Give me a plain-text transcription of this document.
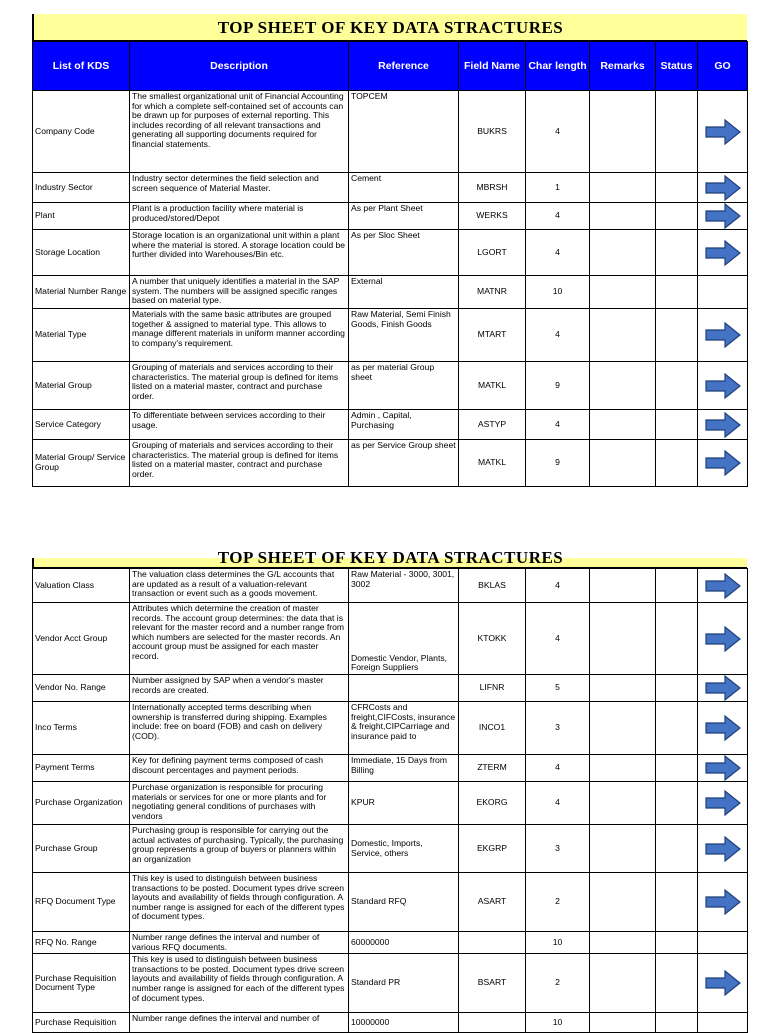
TOP SHEET OF KEY DATA STRACTURES
List of KDS	Description	Reference	Field Name	Char length	Remarks	Status	GO
Company Code	The smallest organizational unit of Financial Accounting for which a complete self-contained set of accounts can be drawn up for purposes of external reporting. This includes recording of all relevant transactions and generating all supporting documents required for financial statements.	TOPCEM	BUKRS	4			

Industry Sector	Industry sector determines the field selection and screen sequence of Material Master.	Cement	MBRSH	1			

Plant	Plant is a production facility where material is produced/stored/Depot	As per Plant Sheet	WERKS	4			

Storage Location	Storage location is an organizational unit within a plant where the material is stored. A storage location could be further divided into Warehouses/Bin etc.	As per Sloc Sheet	LGORT	4			

Material Number Range	A number that uniquely identifies a material in the SAP system. The numbers will be assigned specific ranges based on material type.	External	MATNR	10			
Material Type	Materials with the same basic attributes are grouped together & assigned to material type. This allows to manage different materials in uniform manner according to company's requirement.	Raw Material, Semi Finish Goods, Finish Goods	MTART	4			

Material Group	Grouping of materials and services according to their characteristics. The material group is defined for items listed on a material master, contract and purchase order.	as per material Group sheet	MATKL	9			

Service Category	To differentiate between services according to their usage.	Admin , Capital, Purchasing	ASTYP	4			

Material Group/ Service Group	Grouping of materials and services according to their characteristics. The material group is defined for items listed on a material master, contract and purchase order.	as per Service Group sheet	MATKL	9			
TOP SHEET OF KEY DATA STRACTURES
Valuation Class	The valuation class determines the G/L accounts that are updated as a result of a valuation-relevant transaction or event such as a goods movement.	Raw Material - 3000, 3001, 3002	BKLAS	4			

Vendor Acct Group	Attributes which determine the creation of master records. The account group determines: the data that is relevant for the master record and a number range from which numbers are selected for the master records. An account group must be assigned for each master record.	Domestic Vendor, Plants, Foreign Suppliers	KTOKK	4			

Vendor No. Range	Number assigned by SAP when a vendor's master records are created.		LIFNR	5			

Inco Terms	Internationally accepted terms describing when ownership is transferred during shipping. Examples include: free on board (FOB) and cash on delivery (COD).	CFRCosts and freight,CIFCosts, insurance & freight,CIPCarriage and insurance paid to	INCO1	3			

Payment Terms	Key for defining payment terms composed of cash discount percentages and payment periods.	Immediate, 15 Days from Billing	ZTERM	4			

Purchase Organization	Purchase organization is responsible for procuring materials or services for one or more plants and for negotiating general conditions of purchases with vendors	KPUR	EKORG	4			

Purchase Group	Purchasing group is responsible for carrying out the actual activates of purchasing. Typically, the purchasing group represents a group of buyers or planners within an organization	Domestic, Imports, Service, others	EKGRP	3			

RFQ Document Type	This key is used to distinguish between business transactions to be posted. Document types drive screen layouts and availability of fields through configuration. A number range is assigned for each of the different types of document types.	Standard RFQ	ASART	2			

RFQ No. Range	Number range defines the interval and number of various RFQ documents.	60000000		10			
Purchase Requisition Document Type	This key is used to distinguish between business transactions to be posted. Document types drive screen layouts and availability of fields through configuration. A number range is assigned for each of the different types of document types.	Standard PR	BSART	2			

Purchase Requisition	Number range defines the interval and number of	10000000		10			
